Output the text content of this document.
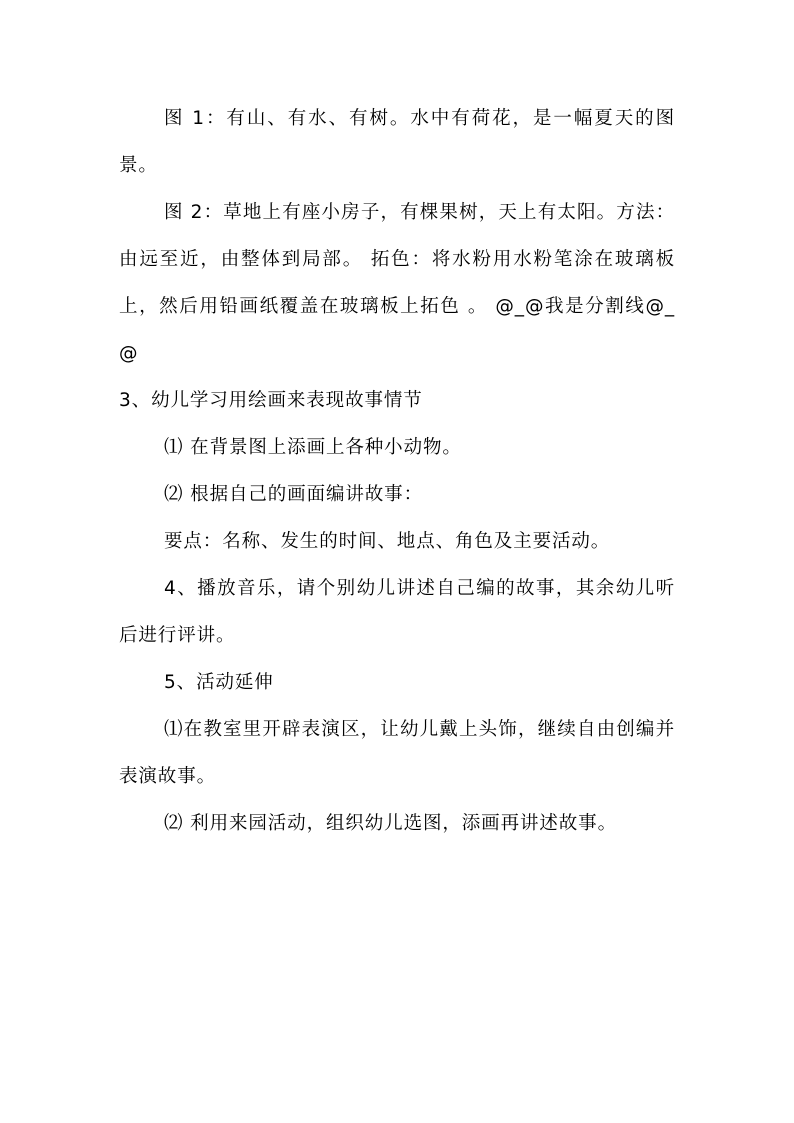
图 1：有山、有水、有树。水中有荷花，是一幅夏天的图景。

图 2：草地上有座小房子，有棵果树，天上有太阳。方法：由远至近，由整体到局部。 拓色：将水粉用水粉笔涂在玻璃板上，然后用铅画纸覆盖在玻璃板上拓色 。 @_@我是分割线@_@

3、幼儿学习用绘画来表现故事情节

⑴ 在背景图上添画上各种小动物。

⑵ 根据自己的画面编讲故事：

要点：名称、发生的时间、地点、角色及主要活动。

4、播放音乐，请个别幼儿讲述自己编的故事，其余幼儿听后进行评讲。

5、活动延伸

⑴在教室里开辟表演区，让幼儿戴上头饰，继续自由创编并表演故事。

⑵ 利用来园活动，组织幼儿选图，添画再讲述故事。
